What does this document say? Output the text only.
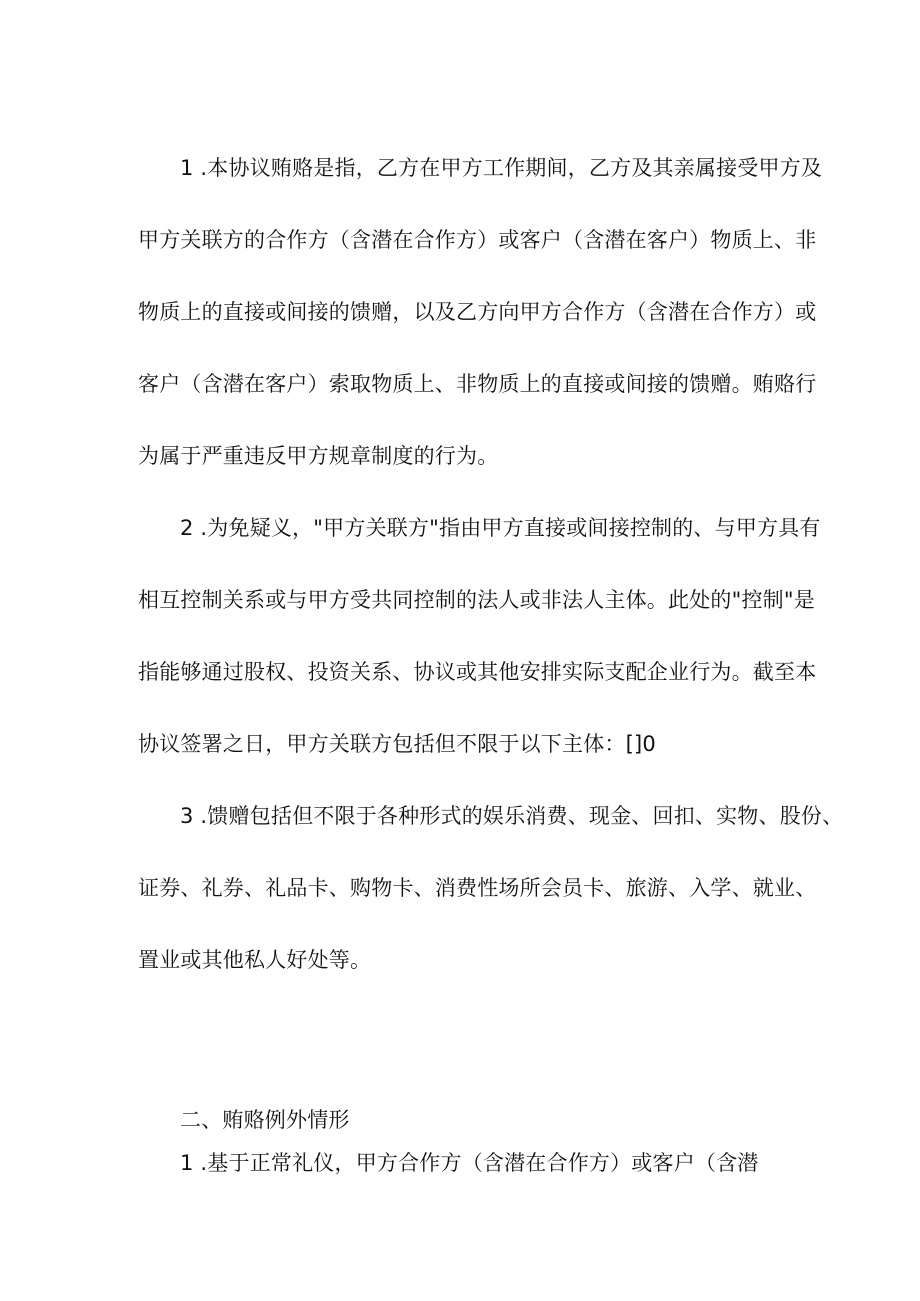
1 .本协议贿赂是指，乙方在甲方工作期间，乙方及其亲属接受甲方及
甲方关联方的合作方（含潜在合作方）或客户（含潜在客户）物质上、非
物质上的直接或间接的馈赠，以及乙方向甲方合作方（含潜在合作方）或
客户（含潜在客户）索取物质上、非物质上的直接或间接的馈赠。贿赂行
为属于严重违反甲方规章制度的行为。
2 .为免疑义，"甲方关联方"指由甲方直接或间接控制的、与甲方具有
相互控制关系或与甲方受共同控制的法人或非法人主体。此处的"控制"是
指能够通过股权、投资关系、协议或其他安排实际支配企业行为。截至本
协议签署之日，甲方关联方包括但不限于以下主体：[]0
3 .馈赠包括但不限于各种形式的娱乐消费、现金、回扣、实物、股份、
证券、礼券、礼品卡、购物卡、消费性场所会员卡、旅游、入学、就业、
置业或其他私人好处等。
二、贿赂例外情形
1 .基于正常礼仪，甲方合作方（含潜在合作方）或客户（含潜
